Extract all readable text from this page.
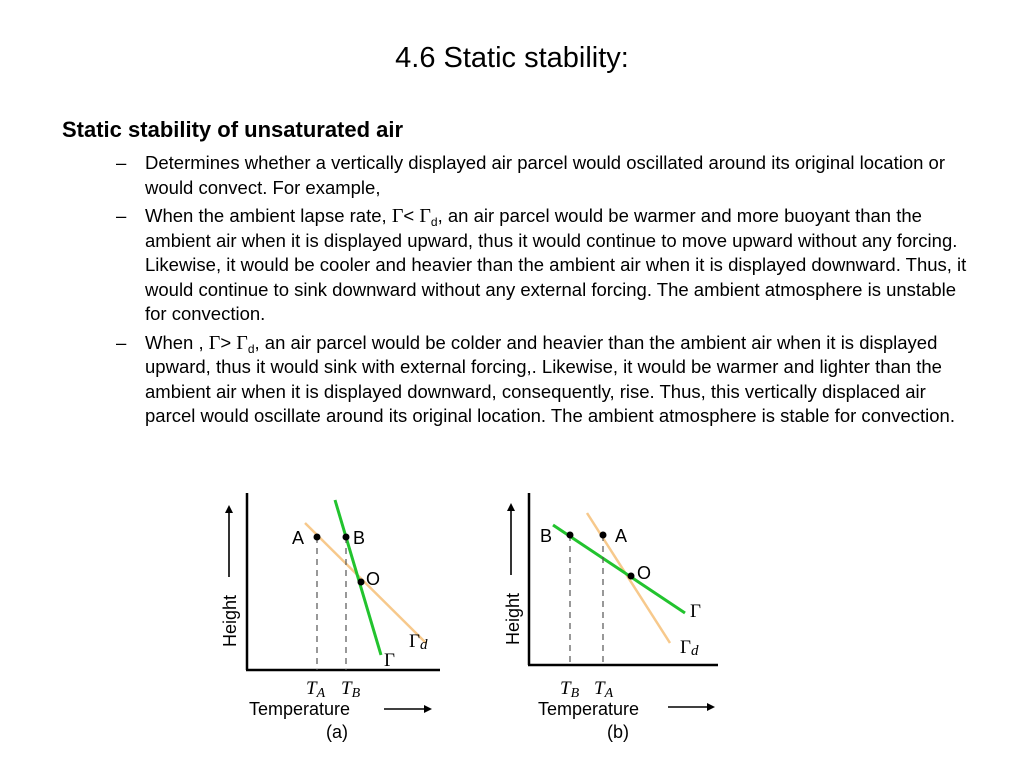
4.6 Static stability:
Static stability of unsaturated air
– Determines whether a vertically displayed air parcel would oscillated around its original location or would convect. For example,
– When the ambient lapse rate, $\Gamma< \Gamma_d$, an air parcel would be warmer and more buoyant than the ambient air when it is displayed upward, thus it would continue to move upward without any forcing. Likewise, it would be cooler and heavier than the ambient air when it is displayed downward. Thus, it would continue to sink downward without any external forcing. The ambient atmosphere is unstable for convection.
– When , $\Gamma> \Gamma_d$, an air parcel would be colder and heavier than the ambient air when it is displayed upward, thus it would sink with external forcing,. Likewise, it would be warmer and lighter than the ambient air when it is displayed downward, consequently, rise. Thus, this vertically displaced air parcel would oscillate around its original location. The ambient atmosphere is stable for convection.
A	B
O
Γd
Γ
TA TB
Temperature
Height
(a)
B	A
O
Γ
Γd
TB TA
Temperature
Height
(b)
